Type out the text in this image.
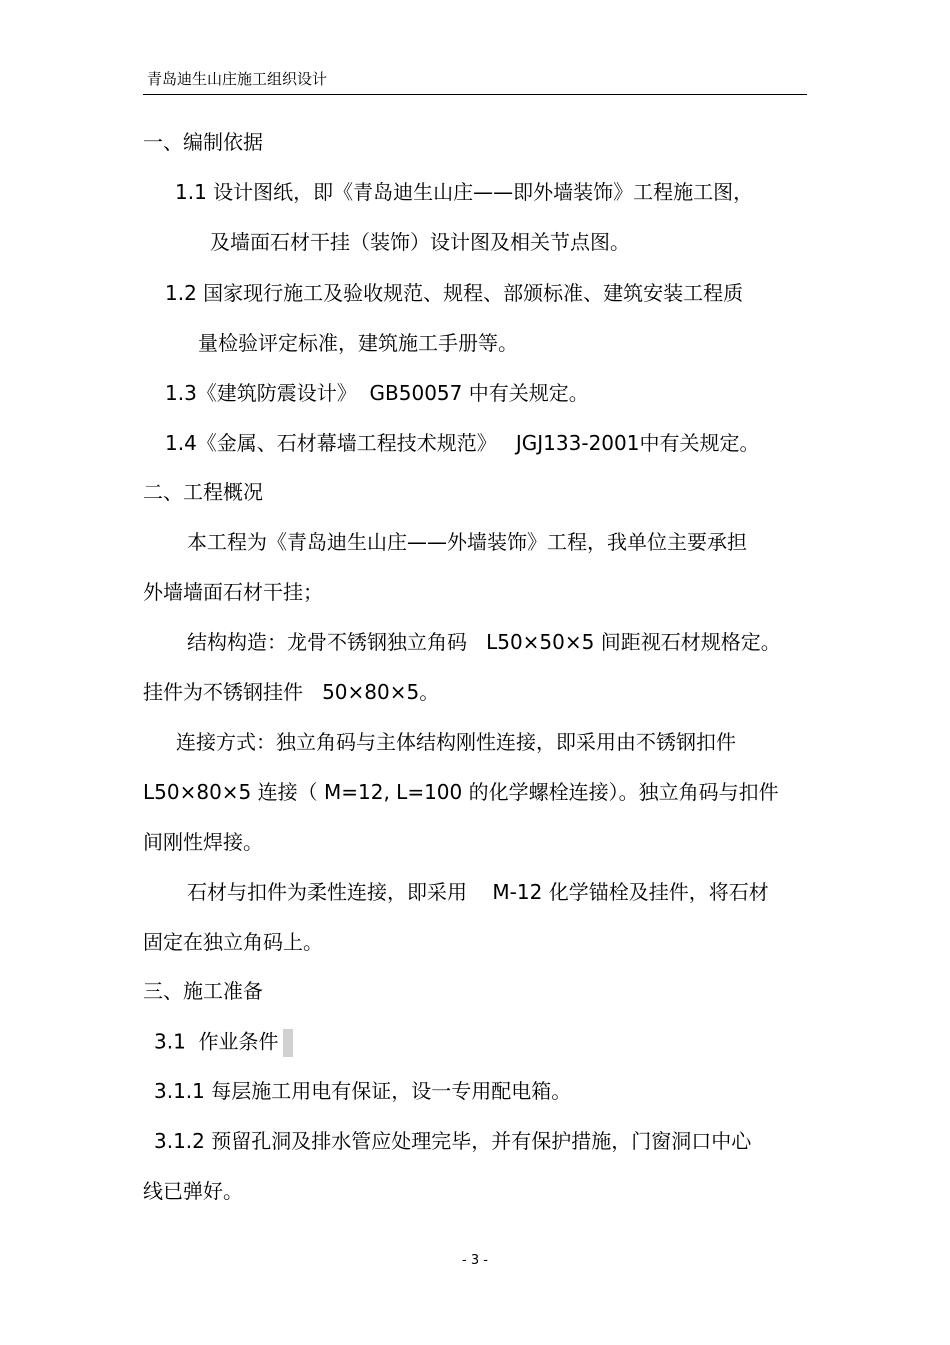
青岛迪生山庄施工组织设计
一、编制依据
1.1 设计图纸，即《青岛迪生山庄——即外墙装饰》工程施工图，
及墙面石材干挂（装饰）设计图及相关节点图。
1.2 国家现行施工及验收规范、规程、部颁标准、建筑安装工程质
量检验评定标准，建筑施工手册等。
1.3《建筑防震设计》  GB50057 中有关规定。
1.4《金属、石材幕墙工程技术规范》   JGJ133-2001中有关规定。
二、工程概况
本工程为《青岛迪生山庄——外墙装饰》工程，我单位主要承担
外墙墙面石材干挂；
结构构造：龙骨不锈钢独立角码   L50×50×5 间距视石材规格定。
挂件为不锈钢挂件   50×80×5。
连接方式：独立角码与主体结构刚性连接，即采用由不锈钢扣件
L50×80×5 连接（ M=12, L=100 的化学螺栓连接）。独立角码与扣件
间刚性焊接。
石材与扣件为柔性连接，即采用    M-12 化学锚栓及挂件，将石材
固定在独立角码上。
三、施工准备
3.1  作业条件
3.1.1 每层施工用电有保证，设一专用配电箱。
3.1.2 预留孔洞及排水管应处理完毕，并有保护措施，门窗洞口中心
线已弹好。
- 3 -
